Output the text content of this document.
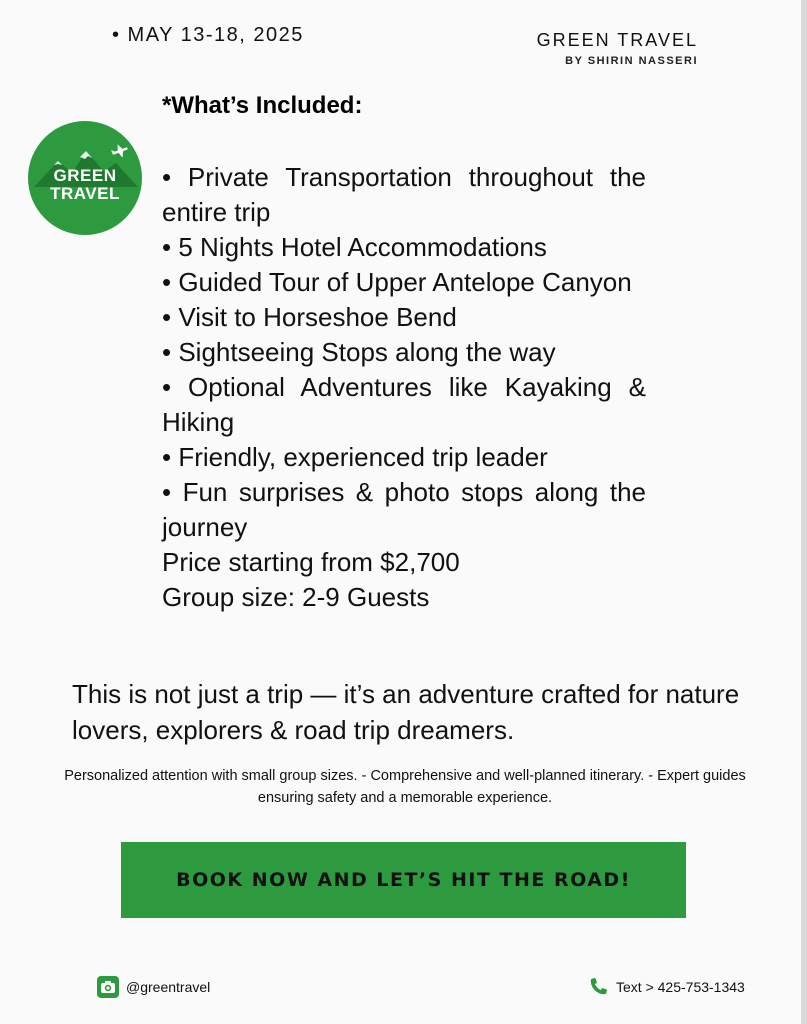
• MAY 13-18, 2025	GREEN TRAVEL
BY SHIRIN NASSERI
GREEN
TRAVEL
*What’s Included:
• Private Transportation throughout the entire trip
• 5 Nights Hotel Accommodations
• Guided Tour of Upper Antelope Canyon
• Visit to Horseshoe Bend
• Sightseeing Stops along the way
• Optional Adventures like Kayaking & Hiking
• Friendly, experienced trip leader
• Fun surprises & photo stops along the journey
Price starting from $2,700
Group size: 2-9 Guests
This is not just a trip — it’s an adventure crafted for nature lovers, explorers & road trip dreamers.
Personalized attention with small group sizes. - Comprehensive and well-planned itinerary. - Expert guides ensuring safety and a memorable experience.
BOOK NOW AND LET’S HIT THE ROAD!
@greentravel	Text > 425-753-1343
